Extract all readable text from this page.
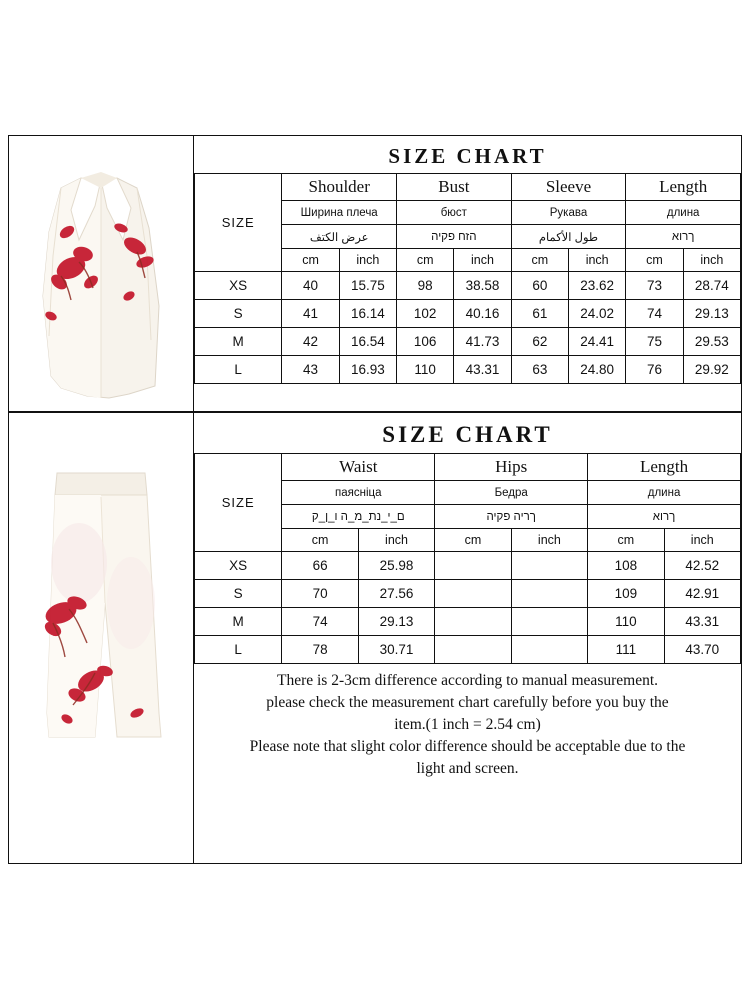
SIZE CHART
SIZE	Shoulder		Bust		Sleeve		Length	
	Ширина плеча		бюст		Рукава		длина	
	عرض الكتف		הזח פקיה		طول الأكمام		ךרוא	
	cm	inch	cm	inch	cm	inch	cm	inch
XS	40	15.75	98	38.58	60	23.62	73	28.74
S	41	16.14	102	40.16	61	24.02	74	29.13
M	42	16.54	106	41.73	62	24.41	75	29.53
L	43	16.93	110	43.31	63	24.80	76	29.92
SIZE CHART
SIZE	Waist		Hips		Length	
	паясніца		Бедра		длина	
	ם_י_נת_מ_ה ו_ן_ק		ךריה פקיה		ךרוא	
	cm	inch	cm	inch	cm	inch
XS	66	25.98			108	42.52
S	70	27.56			109	42.91
M	74	29.13			110	43.31
L	78	30.71			111	43.70
There is 2-3cm difference according to manual measurement.
please check the measurement chart carefully before you buy the
item.(1 inch = 2.54 cm)
Please note that slight color difference should be acceptable due to the
light and screen.
